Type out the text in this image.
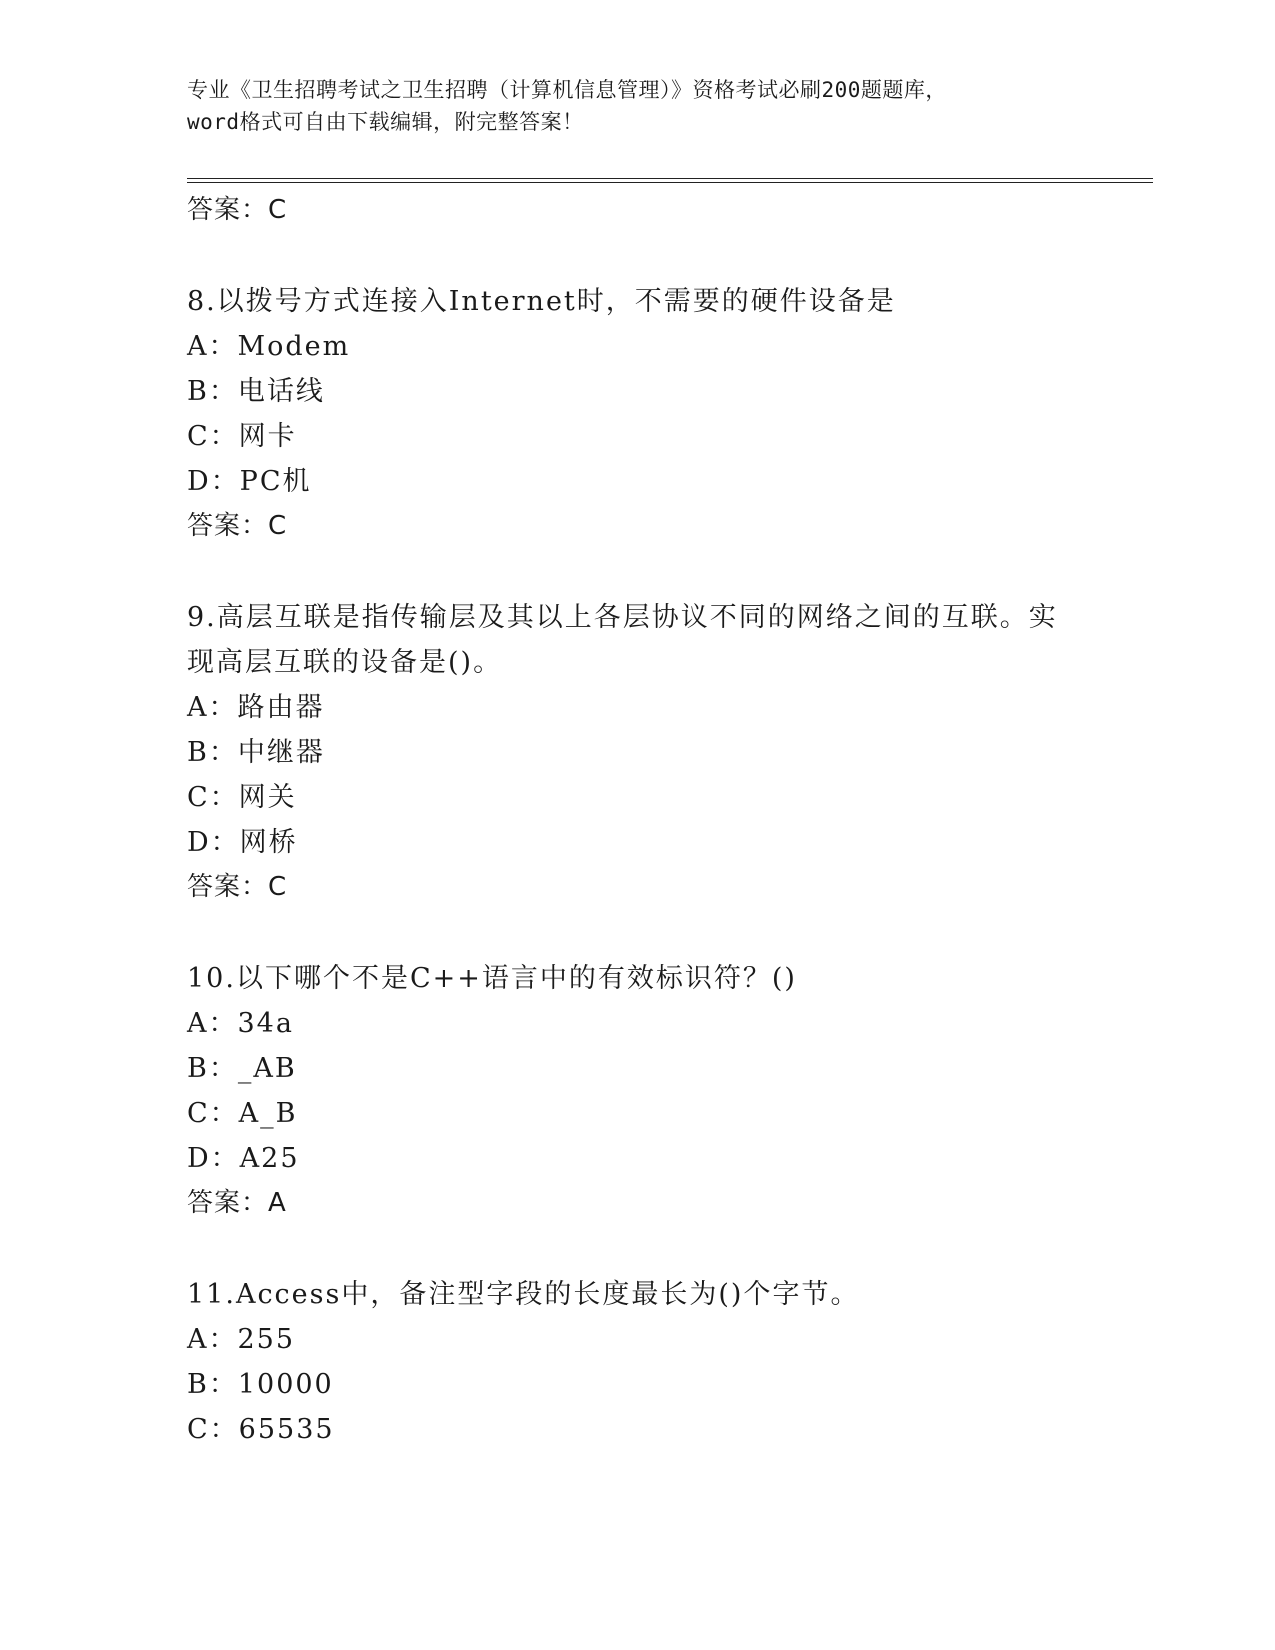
专业《卫生招聘考试之卫生招聘（计算机信息管理）》资格考试必刷200题题库，
word格式可自由下载编辑，附完整答案！
答案：C
8.以拨号方式连接入Internet时，不需要的硬件设备是
A：Modem
B：电话线
C：网卡
D：PC机
答案：C
9.高层互联是指传输层及其以上各层协议不同的网络之间的互联。实现高层互联的设备是()。
A：路由器
B：中继器
C：网关
D：网桥
答案：C
10.以下哪个不是C++语言中的有效标识符？()
A：34a
B：_AB
C：A_B
D：A25
答案：A
11.Access中，备注型字段的长度最长为()个字节。
A：255
B：10000
C：65535
